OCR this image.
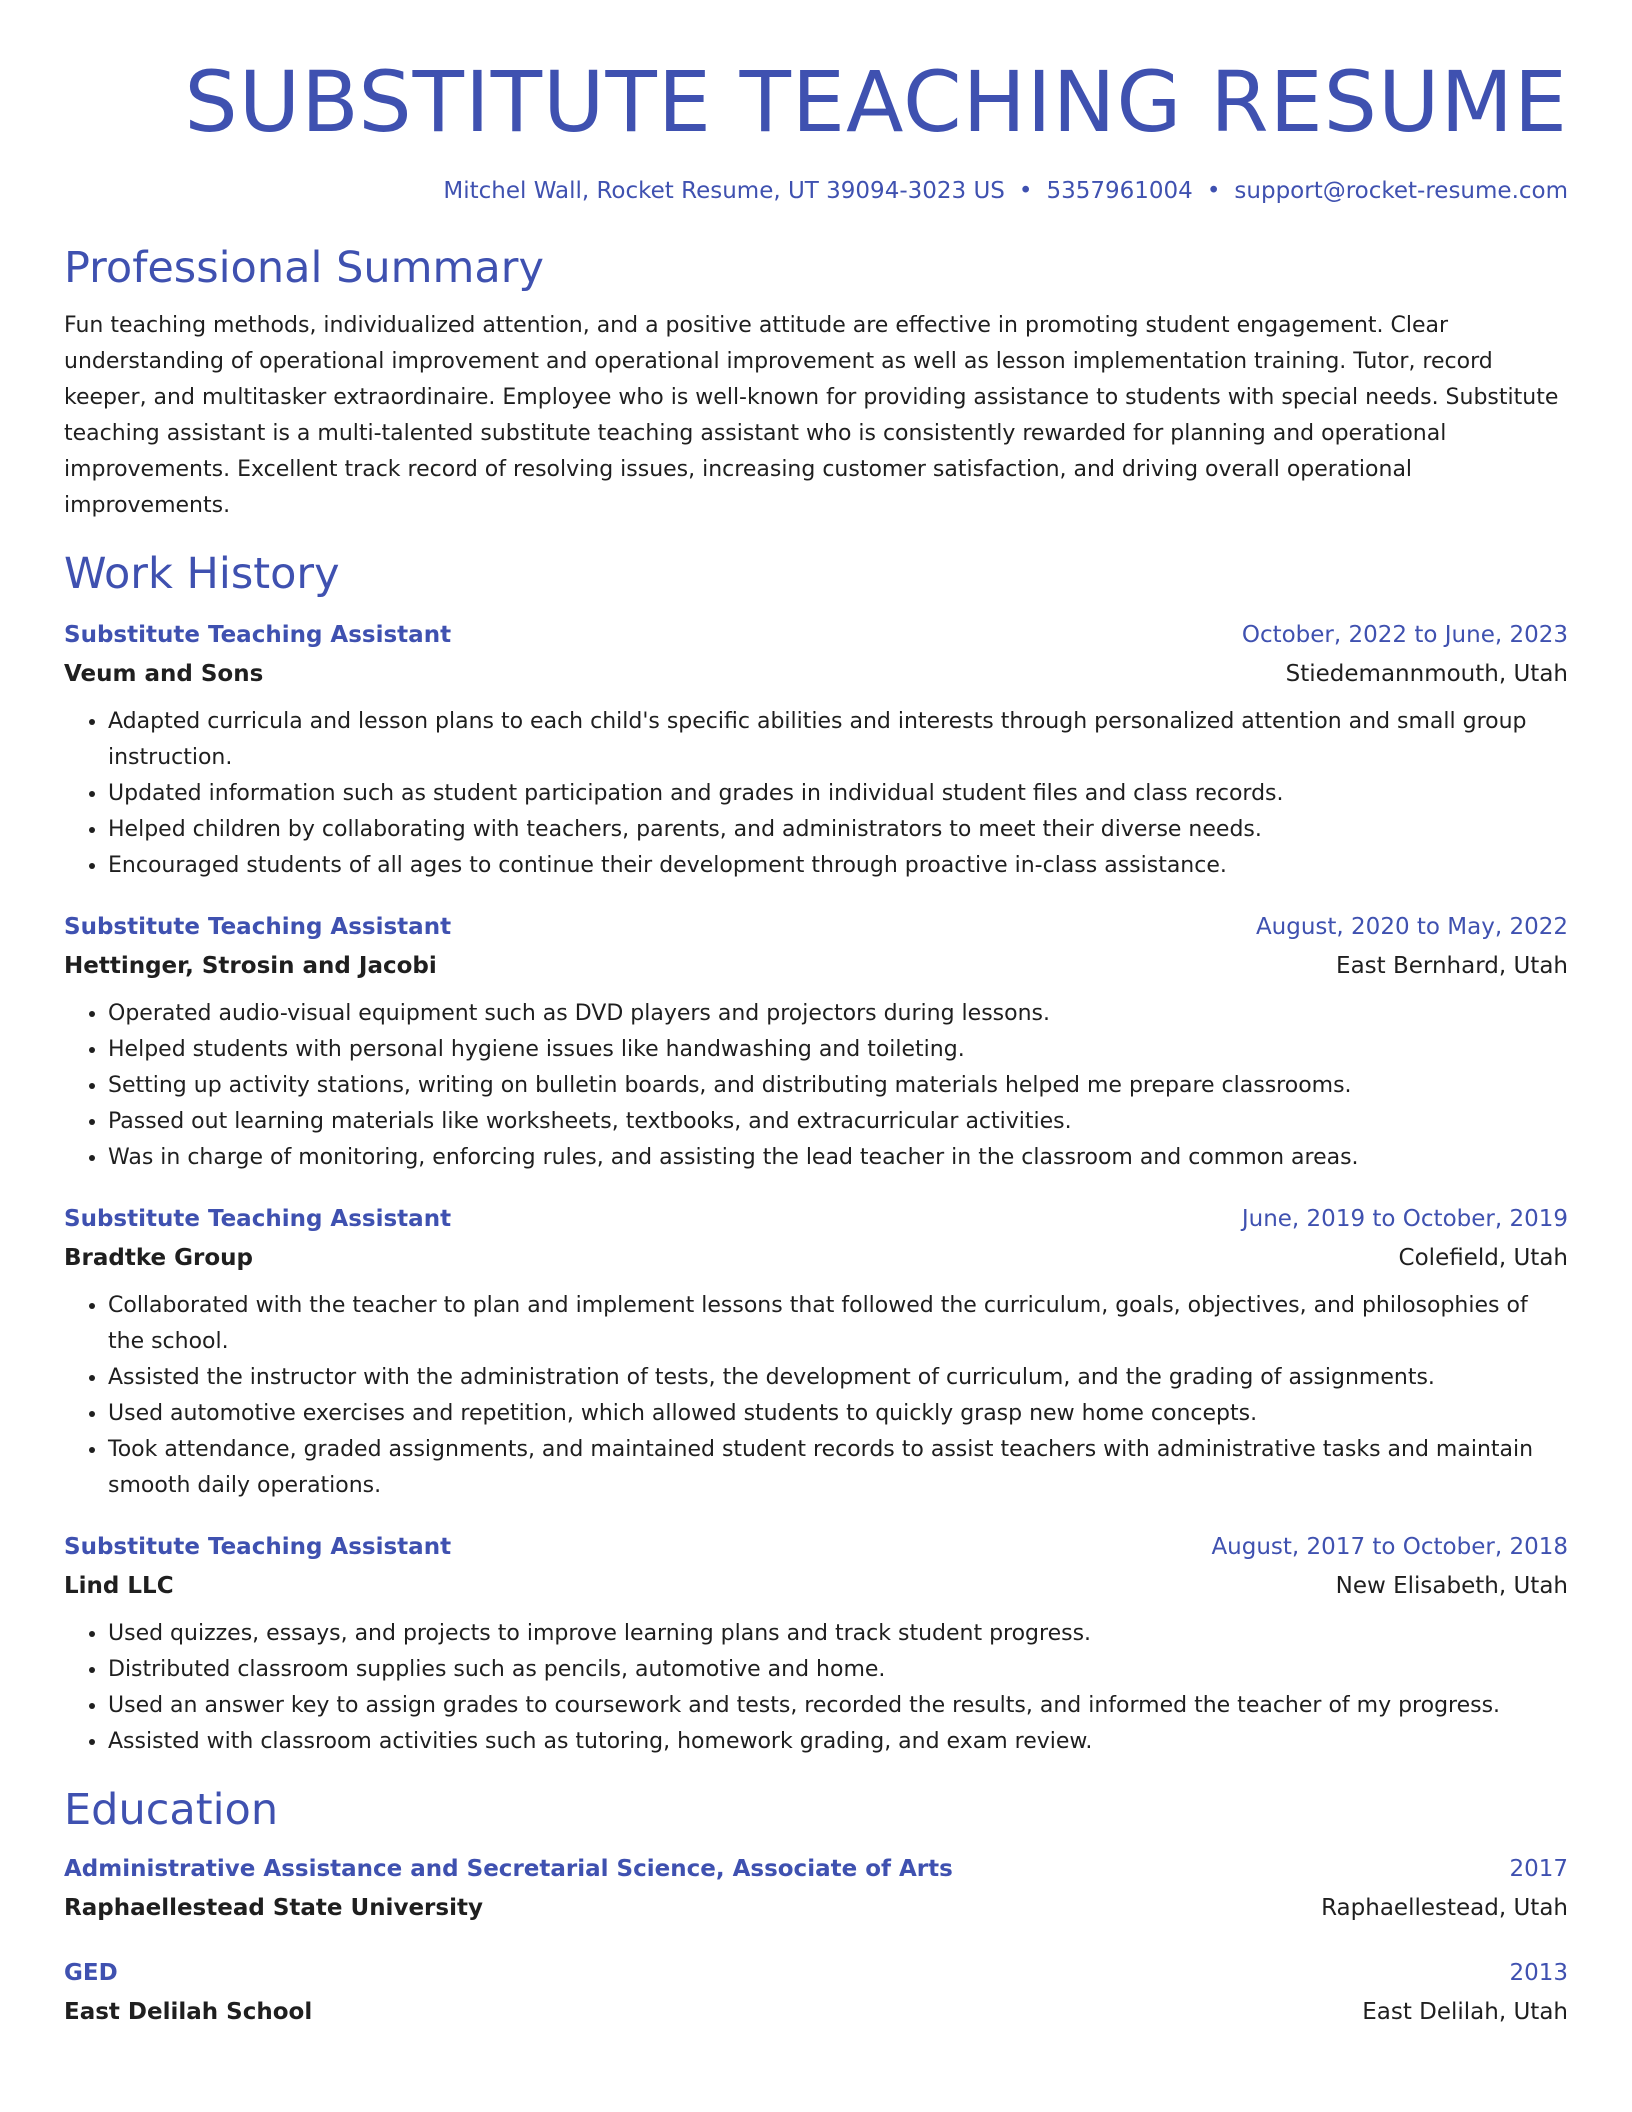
SUBSTITUTE TEACHING RESUME
Mitchel Wall, Rocket Resume, UT 39094-3023 US • 5357961004 • support@rocket-resume.com
Professional Summary

Fun teaching methods, individualized attention, and a positive attitude are effective in promoting student engagement. Clear understanding of operational improvement and operational improvement as well as lesson implementation training. Tutor, record keeper, and multitasker extraordinaire. Employee who is well-known for providing assistance to students with special needs. Substitute teaching assistant is a multi-talented substitute teaching assistant who is consistently rewarded for planning and operational improvements. Excellent track record of resolving issues, increasing customer satisfaction, and driving overall operational improvements.

Work History
Substitute Teaching Assistant	October, 2022 to June, 2023
Veum and Sons	Stiedemannmouth, Utah
• Adapted curricula and lesson plans to each child's specific abilities and interests through personalized attention and small group instruction.
• Updated information such as student participation and grades in individual student files and class records.
• Helped children by collaborating with teachers, parents, and administrators to meet their diverse needs.
• Encouraged students of all ages to continue their development through proactive in-class assistance.
Substitute Teaching Assistant	August, 2020 to May, 2022
Hettinger, Strosin and Jacobi	East Bernhard, Utah
• Operated audio-visual equipment such as DVD players and projectors during lessons.
• Helped students with personal hygiene issues like handwashing and toileting.
• Setting up activity stations, writing on bulletin boards, and distributing materials helped me prepare classrooms.
• Passed out learning materials like worksheets, textbooks, and extracurricular activities.
• Was in charge of monitoring, enforcing rules, and assisting the lead teacher in the classroom and common areas.
Substitute Teaching Assistant	June, 2019 to October, 2019
Bradtke Group	Colefield, Utah
• Collaborated with the teacher to plan and implement lessons that followed the curriculum, goals, objectives, and philosophies of the school.
• Assisted the instructor with the administration of tests, the development of curriculum, and the grading of assignments.
• Used automotive exercises and repetition, which allowed students to quickly grasp new home concepts.
• Took attendance, graded assignments, and maintained student records to assist teachers with administrative tasks and maintain smooth daily operations.
Substitute Teaching Assistant	August, 2017 to October, 2018
Lind LLC	New Elisabeth, Utah
• Used quizzes, essays, and projects to improve learning plans and track student progress.
• Distributed classroom supplies such as pencils, automotive and home.
• Used an answer key to assign grades to coursework and tests, recorded the results, and informed the teacher of my progress.
• Assisted with classroom activities such as tutoring, homework grading, and exam review.
Education
Administrative Assistance and Secretarial Science, Associate of Arts	2017
Raphaellestead State University	Raphaellestead, Utah
GED	2013
East Delilah School	East Delilah, Utah
